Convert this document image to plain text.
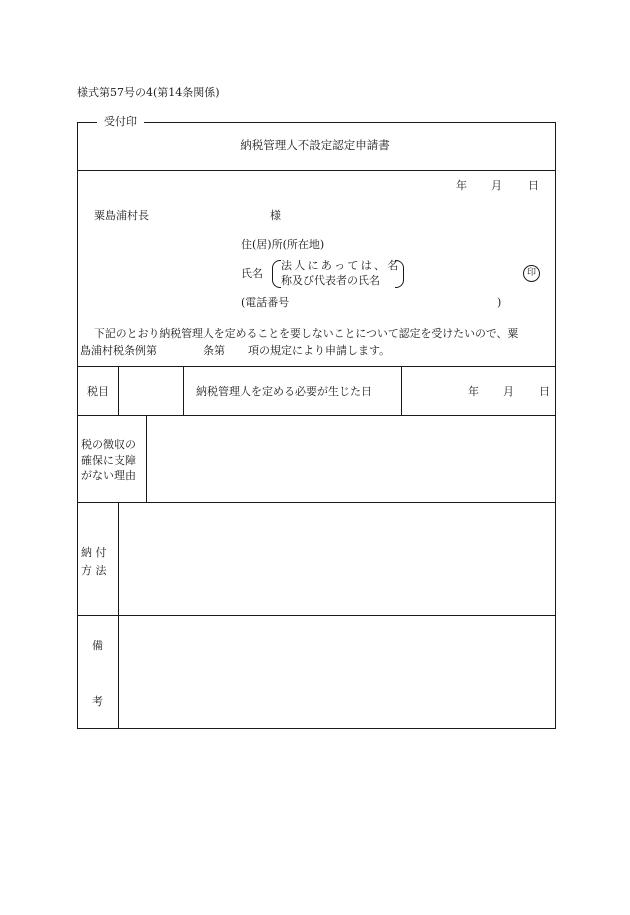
様式第57号の4(第14条関係)
受付印
納税管理人不設定認定申請書
年 月 日
粟島浦村長	様
住(居)所(所在地)
氏名
法人にあっては、名
称及び代表者の氏名
印
(電話番号	)
下記のとおり納税管理人を定めることを要しないことについて認定を受けたいので、粟
島浦村税条例第	条第 項の規定により申請します。
税目	納税管理人を定める必要が生じた日	年 月 日
税の徴収の
確保に支障
がない理由
納 付
方 法
備
考
